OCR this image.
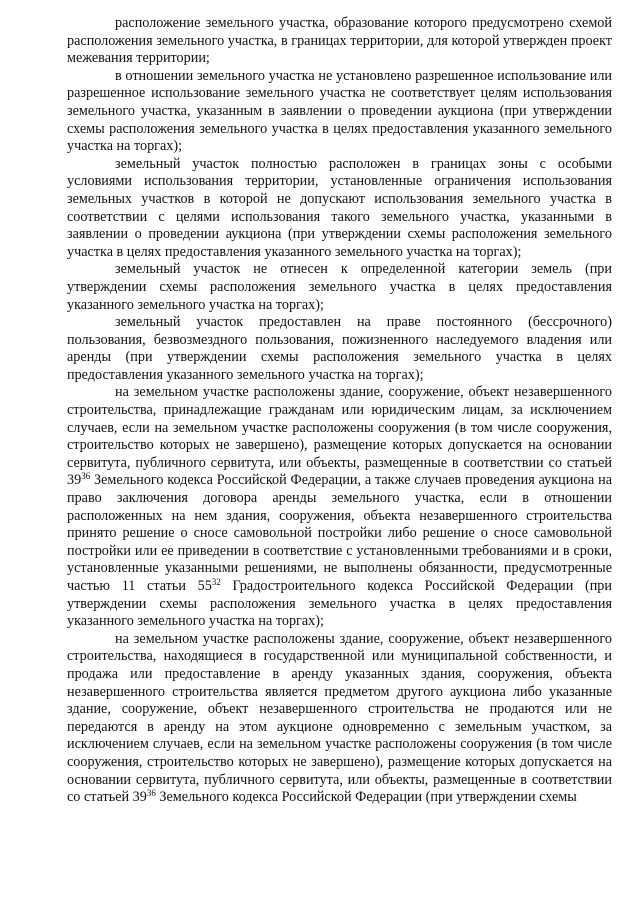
расположение земельного участка, образование которого предусмотрено схемой расположения земельного участка, в границах территории, для которой утвержден проект межевания территории;

в отношении земельного участка не установлено разрешенное использование или разрешенное использование земельного участка не соответствует целям использования земельного участка, указанным в заявлении о проведении аукциона (при утверждении схемы расположения земельного участка в целях предоставления указанного земельного участка на торгах);

земельный участок полностью расположен в границах зоны с особыми условиями использования территории, установленные ограничения использования земельных участков в которой не допускают использования земельного участка в соответствии с целями использования такого земельного участка, указанными в заявлении о проведении аукциона (при утверждении схемы расположения земельного участка в целях предоставления указанного земельного участка на торгах);

земельный участок не отнесен к определенной категории земель (при утверждении схемы расположения земельного участка в целях предоставления указанного земельного участка на торгах);

земельный участок предоставлен на праве постоянного (бессрочного) пользования, безвозмездного пользования, пожизненного наследуемого владения или аренды (при утверждении схемы расположения земельного участка в целях предоставления указанного земельного участка на торгах);

на земельном участке расположены здание, сооружение, объект незавершенного строительства, принадлежащие гражданам или юридическим лицам, за исключением случаев, если на земельном участке расположены сооружения (в том числе сооружения, строительство которых не завершено), размещение которых допускается на основании сервитута, публичного сервитута, или объекты, размещенные в соответствии со статьей $39^{36}$ Земельного кодекса Российской Федерации, а также случаев проведения аукциона на право заключения договора аренды земельного участка, если в отношении расположенных на нем здания, сооружения, объекта незавершенного строительства принято решение о сносе самовольной постройки либо решение о сносе самовольной постройки или ее приведении в соответствие с установленными требованиями и в сроки, установленные указанными решениями, не выполнены обязанности, предусмотренные частью 11 статьи $55^{32}$ Градостроительного кодекса Российской Федерации (при утверждении схемы расположения земельного участка в целях предоставления указанного земельного участка на торгах);

на земельном участке расположены здание, сооружение, объект незавершенного строительства, находящиеся в государственной или муниципальной собственности, и продажа или предоставление в аренду указанных здания, сооружения, объекта незавершенного строительства является предметом другого аукциона либо указанные здание, сооружение, объект незавершенного строительства не продаются или не передаются в аренду на этом аукционе одновременно с земельным участком, за исключением случаев, если на земельном участке расположены сооружения (в том числе сооружения, строительство которых не завершено), размещение которых допускается на основании сервитута, публичного сервитута, или объекты, размещенные в соответствии со статьей $39^{36}$ Земельного кодекса Российской Федерации (при утверждении схемы
